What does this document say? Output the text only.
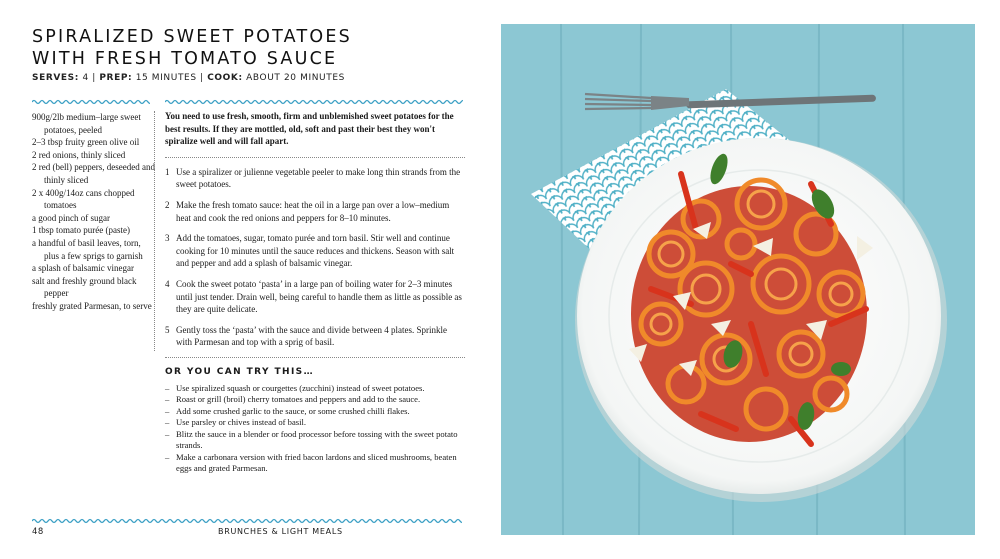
SPIRALIZED SWEET POTATOES
WITH FRESH TOMATO SAUCE
SERVES: 4 | PREP: 15 MINUTES | COOK: ABOUT 20 MINUTES
900g/2lb medium–large sweet potatoes, peeled
2–3 tbsp fruity green olive oil
2 red onions, thinly sliced
2 red (bell) peppers, deseeded and thinly sliced
2 x 400g/14oz cans chopped tomatoes
a good pinch of sugar
1 tbsp tomato purée (paste)
a handful of basil leaves, torn, plus a few sprigs to garnish
a splash of balsamic vinegar
salt and freshly ground black pepper
freshly grated Parmesan, to serve
You need to use fresh, smooth, firm and unblemished sweet potatoes for the best results. If they are mottled, old, soft and past their best they won't spiralize well and will fall apart.
1 Use a spiralizer or julienne vegetable peeler to make long thin strands from the sweet potatoes.
2 Make the fresh tomato sauce: heat the oil in a large pan over a low–medium heat and cook the red onions and peppers for 8–10 minutes.
3 Add the tomatoes, sugar, tomato purée and torn basil. Stir well and continue cooking for 10 minutes until the sauce reduces and thickens. Season with salt and pepper and add a splash of balsamic vinegar.
4 Cook the sweet potato ‘pasta’ in a large pan of boiling water for 2–3 minutes until just tender. Drain well, being careful to handle them as little as possible as they are quite delicate.
5 Gently toss the ‘pasta’ with the sauce and divide between 4 plates. Sprinkle with Parmesan and top with a sprig of basil.
OR YOU CAN TRY THIS…
– Use spiralized squash or courgettes (zucchini) instead of sweet potatoes.
– Roast or grill (broil) cherry tomatoes and peppers and add to the sauce.
– Add some crushed garlic to the sauce, or some crushed chilli flakes.
– Use parsley or chives instead of basil.
– Blitz the sauce in a blender or food processor before tossing with the sweet potato strands.
– Make a carbonara version with fried bacon lardons and sliced mushrooms, beaten eggs and grated Parmesan.
48	BRUNCHES & LIGHT MEALS
